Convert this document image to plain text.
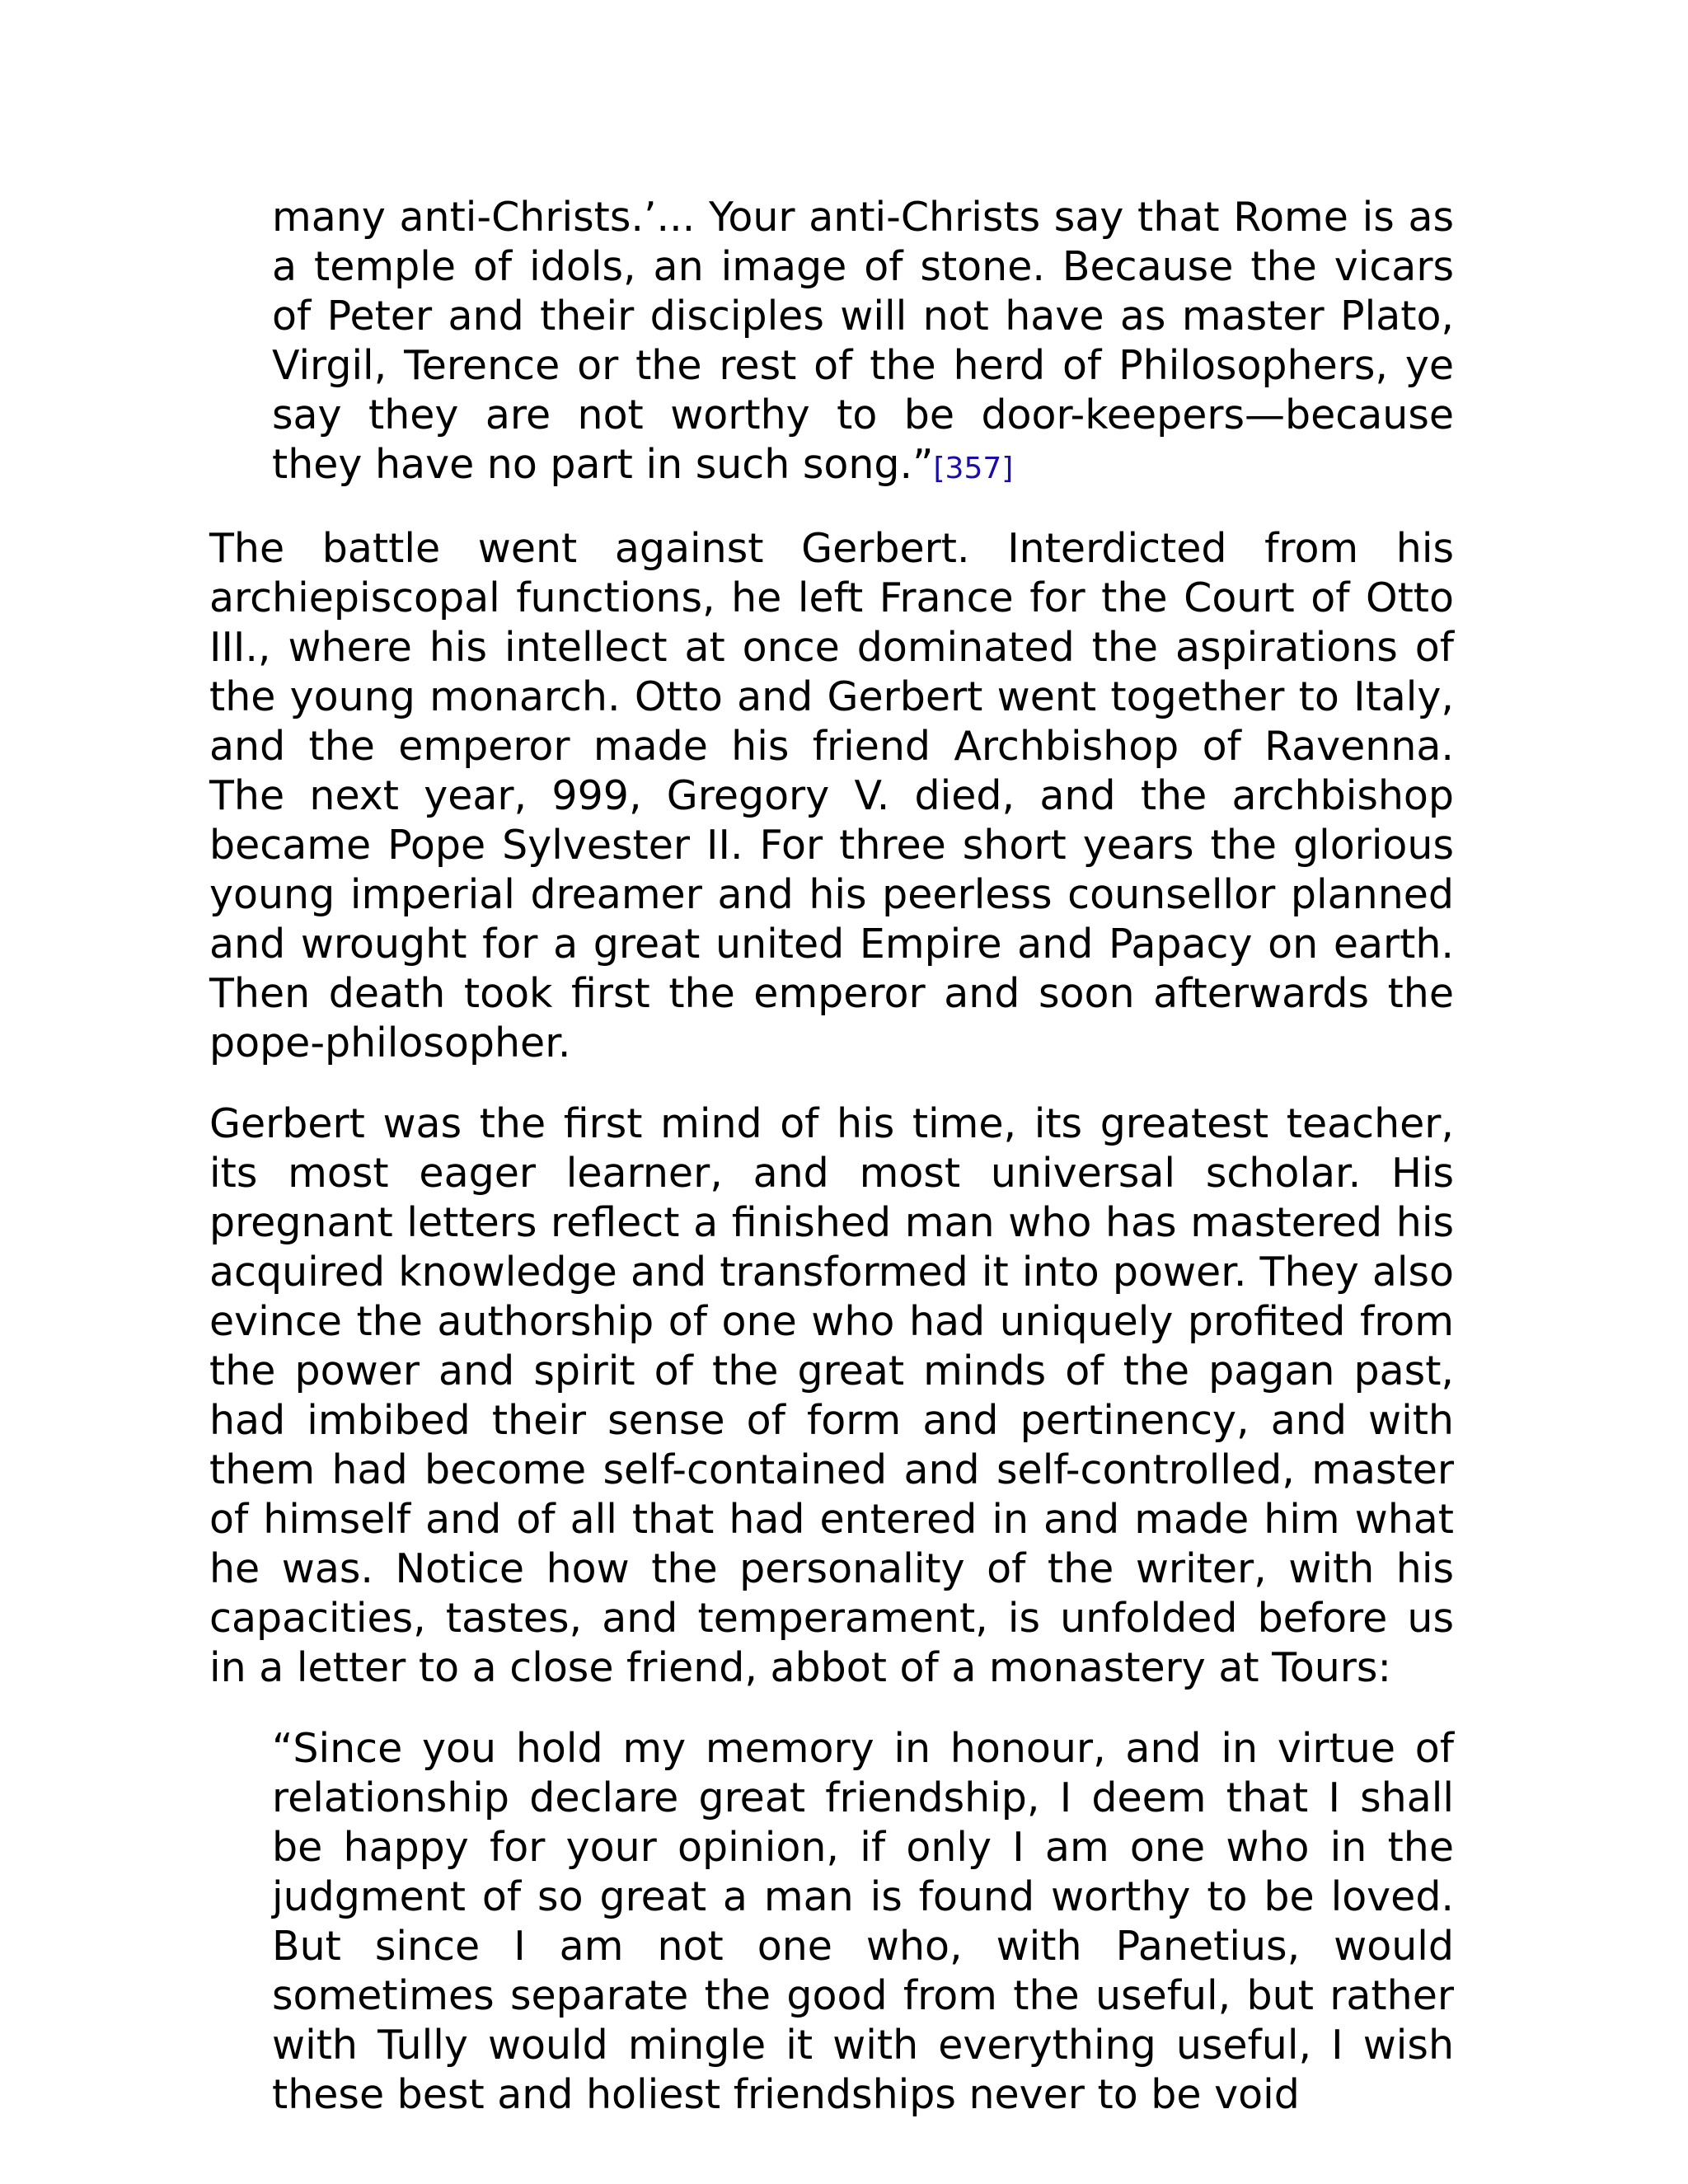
many anti-Christs.’... Your anti-Christs say that Rome is as a temple of idols, an image of stone. Because the vicars of Peter and their disciples will not have as master Plato, Virgil, Terence or the rest of the herd of Philosophers, ye say they are not worthy to be door-keepers—because they have no part in such song.”[357]

The battle went against Gerbert. Interdicted from his archiepiscopal functions, he left France for the Court of Otto III., where his intellect at once dominated the aspirations of the young monarch. Otto and Gerbert went together to Italy, and the emperor made his friend Archbishop of Ravenna. The next year, 999, Gregory V. died, and the archbishop became Pope Sylvester II. For three short years the glorious young imperial dreamer and his peerless counsellor planned and wrought for a great united Empire and Papacy on earth. Then death took first the emperor and soon afterwards the pope-philosopher.

Gerbert was the first mind of his time, its greatest teacher, its most eager learner, and most universal scholar. His pregnant letters reflect a finished man who has mastered his acquired knowledge and transformed it into power. They also evince the authorship of one who had uniquely profited from the power and spirit of the great minds of the pagan past, had imbibed their sense of form and pertinency, and with them had become self-contained and self-controlled, master of himself and of all that had entered in and made him what he was. Notice how the personality of the writer, with his capacities, tastes, and temperament, is unfolded before us in a letter to a close friend, abbot of a monastery at Tours:

“Since you hold my memory in honour, and in virtue of relationship declare great friendship, I deem that I shall be happy for your opinion, if only I am one who in the judgment of so great a man is found worthy to be loved. But since I am not one who, with Panetius, would sometimes separate the good from the useful, but rather with Tully would mingle it with everything useful, I wish these best and holiest friendships never to be void
